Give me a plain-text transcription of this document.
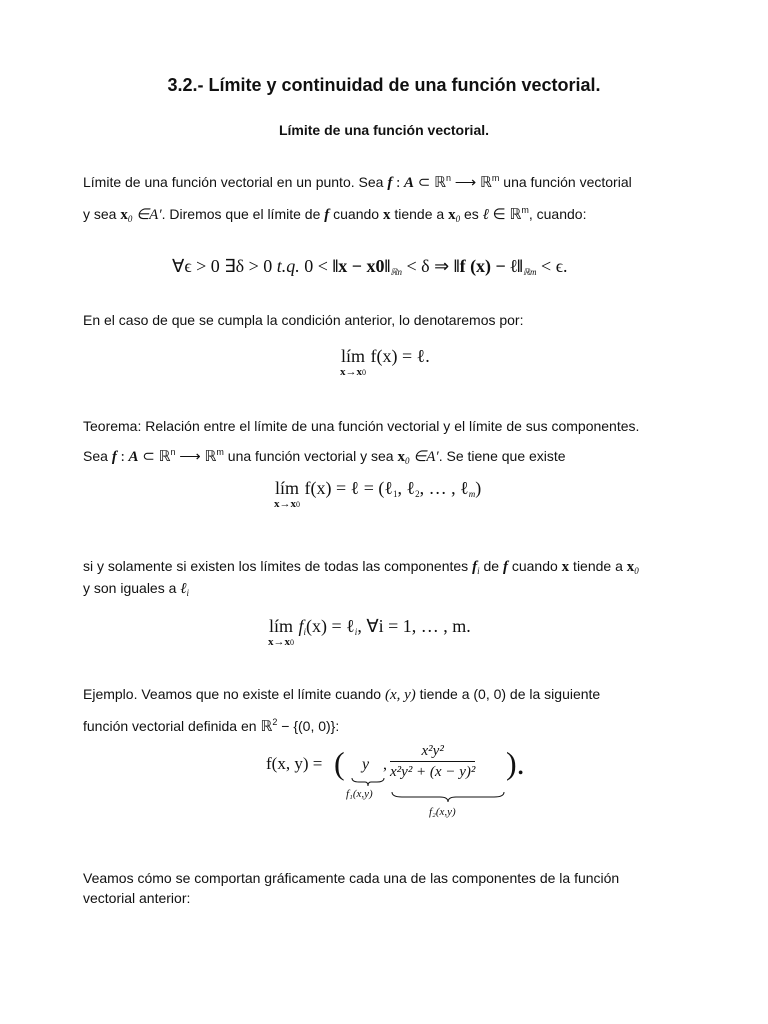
3.2.- Límite y continuidad de una función vectorial.
Límite de una función vectorial.
Límite de una función vectorial en un punto. Sea f : A ⊂ ℝ$^n$ ⟶ ℝ$^m$ una función vectorial
y sea $x_0$ ∈A′. Diremos que el límite de f cuando x tiende a $x_0$ es ℓ ∈ ℝ$^m$, cuando:
∀ϵ > 0 ∃δ > 0 t.q. 0 < ‖x − $x0‖_{ℝn} < \delta$ ⇒ ‖f $(x) - \ell‖_{ℝm} < \epsilon$.
En el caso de que se cumpla la condición anterior, lo denotaremos por:
lím
x→x0
f(x) = ℓ.
Teorema: Relación entre el límite de una función vectorial y el límite de sus componentes.
Sea f : A ⊂ ℝ$^n$ ⟶ ℝ$^m$ una función vectorial y sea $x_0$ ∈A′. Se tiene que existe
lím
x→x0
f(x) = ℓ = (ℓ$_1$, ℓ$_2$, … , ℓ$_m$)
si y solamente si existen los límites de todas las componentes $f_i$ de f cuando x tiende a $x_0$
y son iguales a ℓ$_i$
lím
x→x0
$f_i(x)$ = ℓ$_i$, ∀i = 1, … , m.
Ejemplo. Veamos que no existe el límite cuando (x, y) tiende a (0, 0) de la siguiente
función vectorial definida en ℝ$^2$ − {(0, 0)}:
f(x, y) = ( y , $\frac{\text{x²y²}}{\text{x²y² + (x − y)²}}$ ).
f₁(x,y)
f₂(x,y)
Veamos cómo se comportan gráficamente cada una de las componentes de la función
vectorial anterior:
